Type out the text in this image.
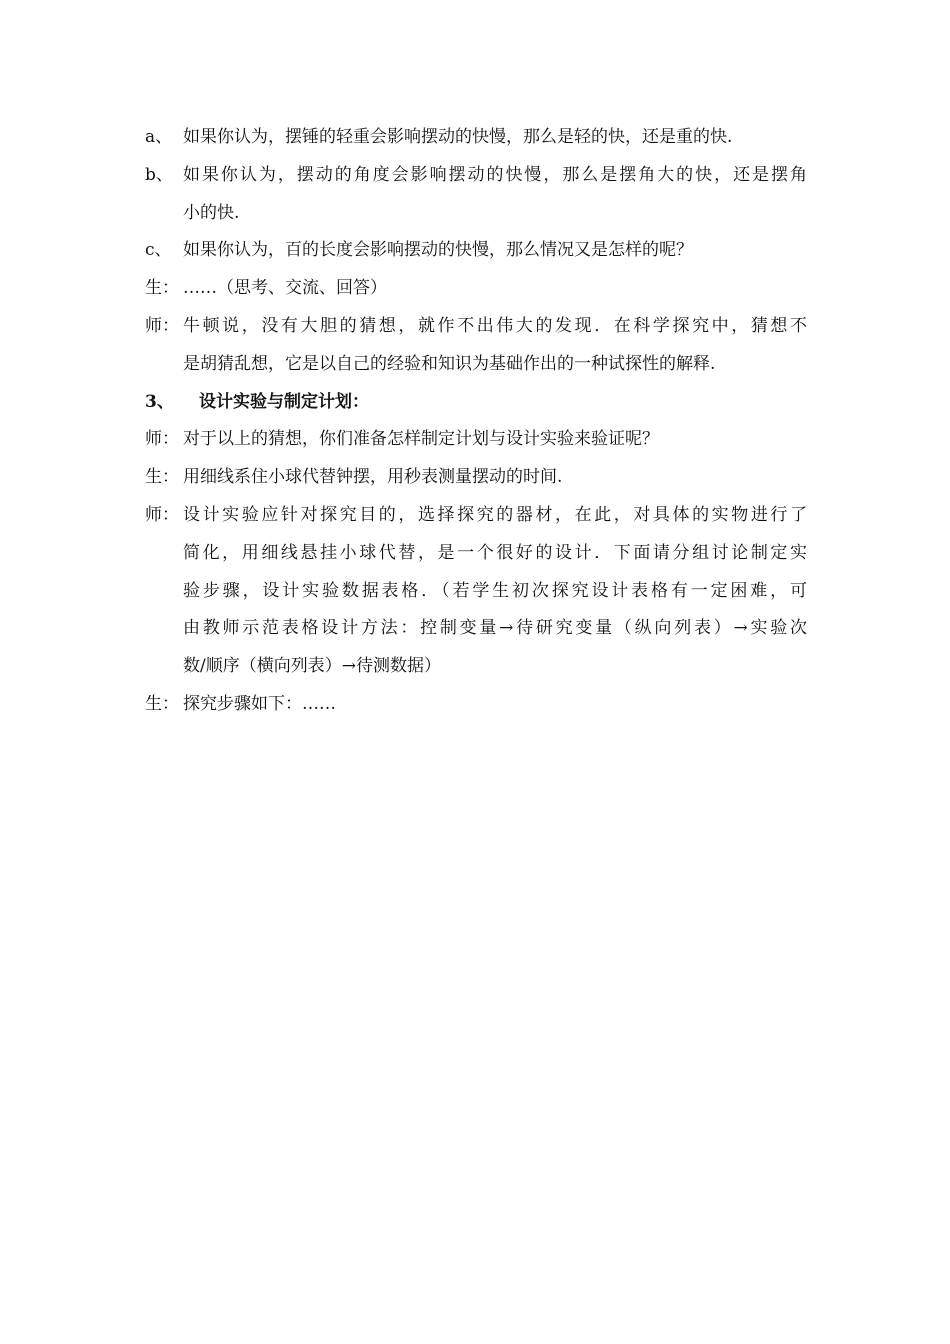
a、 如果你认为，摆锤的轻重会影响摆动的快慢，那么是轻的快，还是重的快.
b、 如果你认为，摆动的角度会影响摆动的快慢，那么是摆角大的快，还是摆角
小的快.
c、 如果你认为，百的长度会影响摆动的快慢，那么情况又是怎样的呢？
生： ……（思考、交流、回答）
师： 牛顿说，没有大胆的猜想，就作不出伟大的发现．在科学探究中，猜想不
是胡猜乱想，它是以自己的经验和知识为基础作出的一种试探性的解释.
3、	设计实验与制定计划：
师： 对于以上的猜想，你们准备怎样制定计划与设计实验来验证呢？
生： 用细线系住小球代替钟摆，用秒表测量摆动的时间.
师： 设计实验应针对探究目的，选择探究的器材，在此，对具体的实物进行了
简化，用细线悬挂小球代替，是一个很好的设计．下面请分组讨论制定实
验步骤，设计实验数据表格．（若学生初次探究设计表格有一定困难，可
由教师示范表格设计方法：控制变量→待研究变量（纵向列表）→实验次
数/顺序（横向列表）→待测数据）
生： 探究步骤如下：……
